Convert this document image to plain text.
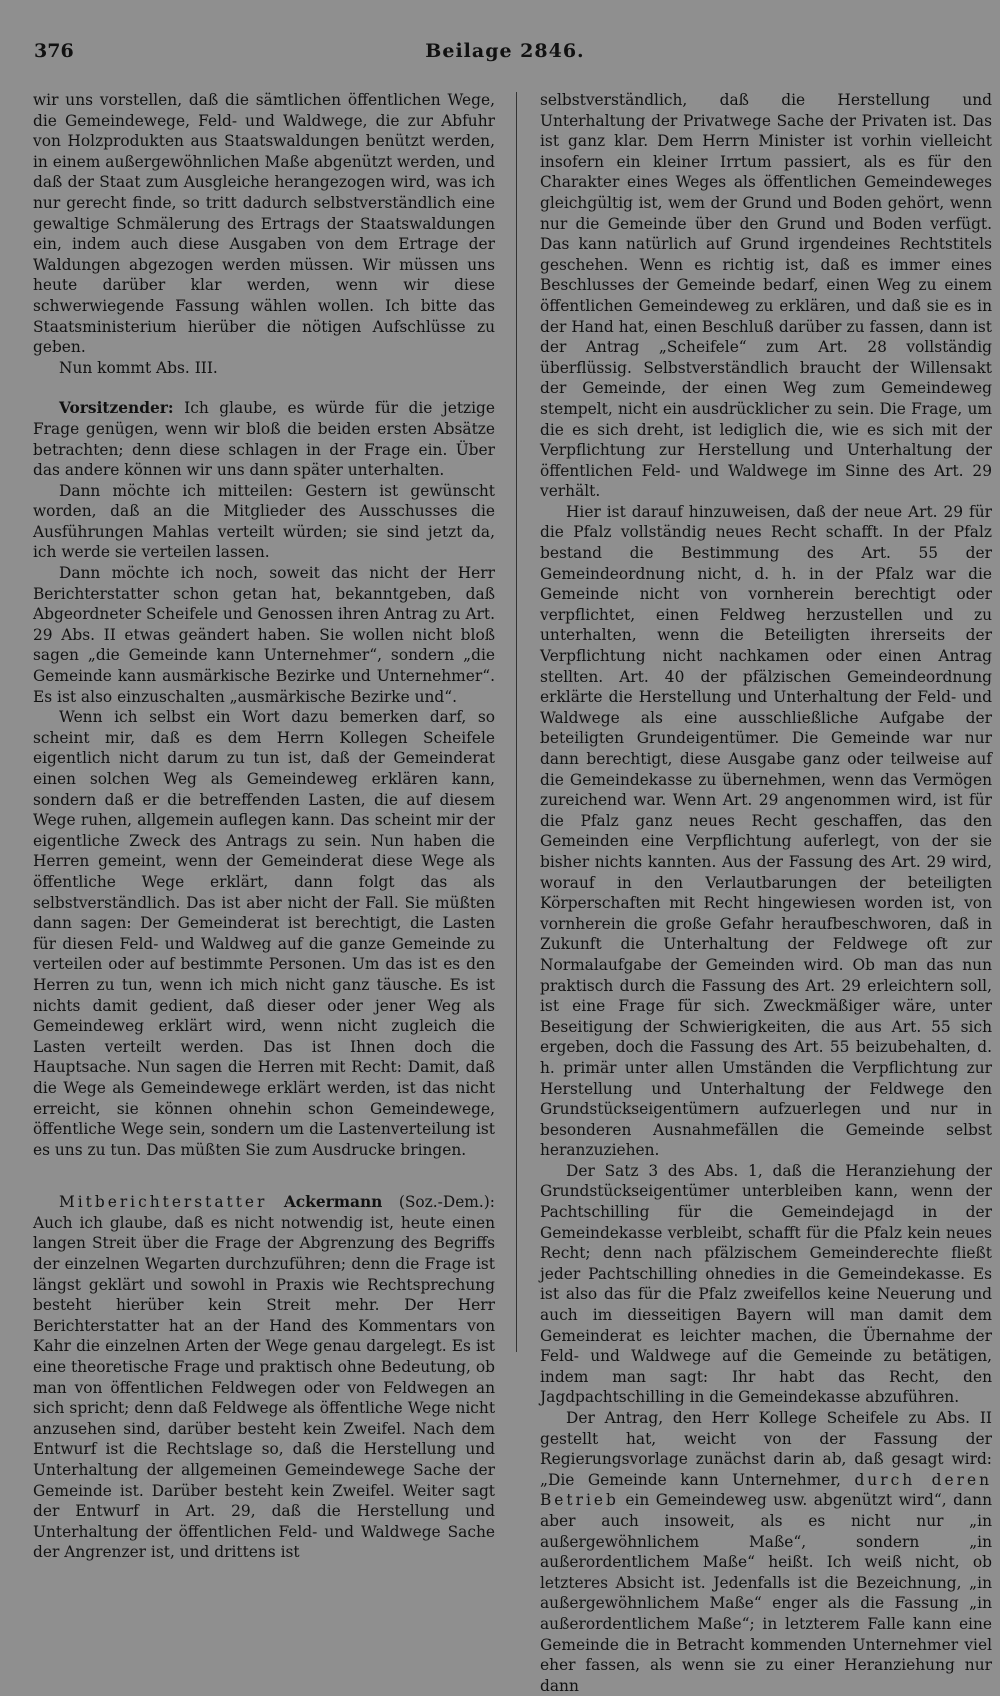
376	Beilage 2846.

wir uns vorstellen, daß die sämtlichen öffentlichen Wege, die Gemeindewege, Feld- und Waldwege, die zur Abfuhr von Holzprodukten aus Staatswaldungen benützt werden, in einem außergewöhnlichen Maße abgenützt werden, und daß der Staat zum Ausgleiche herangezogen wird, was ich nur gerecht finde, so tritt dadurch selbstverständlich eine gewaltige Schmälerung des Ertrags der Staatswaldungen ein, indem auch diese Ausgaben von dem Ertrage der Waldungen abgezogen werden müssen. Wir müssen uns heute darüber klar werden, wenn wir diese schwerwiegende Fassung wählen wollen. Ich bitte das Staatsministerium hierüber die nötigen Aufschlüsse zu geben.

Nun kommt Abs. III.

Vorsitzender: Ich glaube, es würde für die jetzige Frage genügen, wenn wir bloß die beiden ersten Absätze betrachten; denn diese schlagen in der Frage ein. Über das andere können wir uns dann später unterhalten.

Dann möchte ich mitteilen: Gestern ist gewünscht worden, daß an die Mitglieder des Ausschusses die Ausführungen Mahlas verteilt würden; sie sind jetzt da, ich werde sie verteilen lassen.

Dann möchte ich noch, soweit das nicht der Herr Berichterstatter schon getan hat, bekanntgeben, daß Abgeordneter Scheifele und Genossen ihren Antrag zu Art. 29 Abs. II etwas geändert haben. Sie wollen nicht bloß sagen „die Gemeinde kann Unternehmer“, sondern „die Gemeinde kann ausmärkische Bezirke und Unternehmer“. Es ist also einzuschalten „ausmärkische Bezirke und“.

Wenn ich selbst ein Wort dazu bemerken darf, so scheint mir, daß es dem Herrn Kollegen Scheifele eigentlich nicht darum zu tun ist, daß der Gemeinderat einen solchen Weg als Gemeindeweg erklären kann, sondern daß er die betreffenden Lasten, die auf diesem Wege ruhen, allgemein auflegen kann. Das scheint mir der eigentliche Zweck des Antrags zu sein. Nun haben die Herren gemeint, wenn der Gemeinderat diese Wege als öffentliche Wege erklärt, dann folgt das als selbstverständlich. Das ist aber nicht der Fall. Sie müßten dann sagen: Der Gemeinderat ist berechtigt, die Lasten für diesen Feld- und Waldweg auf die ganze Gemeinde zu verteilen oder auf bestimmte Personen. Um das ist es den Herren zu tun, wenn ich mich nicht ganz täusche. Es ist nichts damit gedient, daß dieser oder jener Weg als Gemeindeweg erklärt wird, wenn nicht zugleich die Lasten verteilt werden. Das ist Ihnen doch die Hauptsache. Nun sagen die Herren mit Recht: Damit, daß die Wege als Gemeindewege erklärt werden, ist das nicht erreicht, sie können ohnehin schon Gemeindewege, öffentliche Wege sein, sondern um die Lastenverteilung ist es uns zu tun. Das müßten Sie zum Ausdrucke bringen.

Mitberichterstatter Ackermann (Soz.-Dem.): Auch ich glaube, daß es nicht notwendig ist, heute einen langen Streit über die Frage der Abgrenzung des Begriffs der einzelnen Wegarten durchzuführen; denn die Frage ist längst geklärt und sowohl in Praxis wie Rechtsprechung besteht hierüber kein Streit mehr. Der Herr Berichterstatter hat an der Hand des Kommentars von Kahr die einzelnen Arten der Wege genau dargelegt. Es ist eine theoretische Frage und praktisch ohne Bedeutung, ob man von öffentlichen Feldwegen oder von Feldwegen an sich spricht; denn daß Feldwege als öffentliche Wege nicht anzusehen sind, darüber besteht kein Zweifel. Nach dem Entwurf ist die Rechtslage so, daß die Herstellung und Unterhaltung der allgemeinen Gemeindewege Sache der Gemeinde ist. Darüber besteht kein Zweifel. Weiter sagt der Entwurf in Art. 29, daß die Herstellung und Unterhaltung der öffentlichen Feld- und Waldwege Sache der Angrenzer ist, und drittens ist

selbstverständlich, daß die Herstellung und Unterhaltung der Privatwege Sache der Privaten ist. Das ist ganz klar. Dem Herrn Minister ist vorhin vielleicht insofern ein kleiner Irrtum passiert, als es für den Charakter eines Weges als öffentlichen Gemeindeweges gleichgültig ist, wem der Grund und Boden gehört, wenn nur die Gemeinde über den Grund und Boden verfügt. Das kann natürlich auf Grund irgendeines Rechtstitels geschehen. Wenn es richtig ist, daß es immer eines Beschlusses der Gemeinde bedarf, einen Weg zu einem öffentlichen Gemeindeweg zu erklären, und daß sie es in der Hand hat, einen Beschluß darüber zu fassen, dann ist der Antrag „Scheifele“ zum Art. 28 vollständig überflüssig. Selbstverständlich braucht der Willensakt der Gemeinde, der einen Weg zum Gemeindeweg stempelt, nicht ein ausdrücklicher zu sein. Die Frage, um die es sich dreht, ist lediglich die, wie es sich mit der Verpflichtung zur Herstellung und Unterhaltung der öffentlichen Feld- und Waldwege im Sinne des Art. 29 verhält.

Hier ist darauf hinzuweisen, daß der neue Art. 29 für die Pfalz vollständig neues Recht schafft. In der Pfalz bestand die Bestimmung des Art. 55 der Gemeindeordnung nicht, d. h. in der Pfalz war die Gemeinde nicht von vornherein berechtigt oder verpflichtet, einen Feldweg herzustellen und zu unterhalten, wenn die Beteiligten ihrerseits der Verpflichtung nicht nachkamen oder einen Antrag stellten. Art. 40 der pfälzischen Gemeindeordnung erklärte die Herstellung und Unterhaltung der Feld- und Waldwege als eine ausschließliche Aufgabe der beteiligten Grundeigentümer. Die Gemeinde war nur dann berechtigt, diese Ausgabe ganz oder teilweise auf die Gemeindekasse zu übernehmen, wenn das Vermögen zureichend war. Wenn Art. 29 angenommen wird, ist für die Pfalz ganz neues Recht geschaffen, das den Gemeinden eine Verpflichtung auferlegt, von der sie bisher nichts kannten. Aus der Fassung des Art. 29 wird, worauf in den Verlautbarungen der beteiligten Körperschaften mit Recht hingewiesen worden ist, von vornherein die große Gefahr heraufbeschworen, daß in Zukunft die Unterhaltung der Feldwege oft zur Normalaufgabe der Gemeinden wird. Ob man das nun praktisch durch die Fassung des Art. 29 erleichtern soll, ist eine Frage für sich. Zweckmäßiger wäre, unter Beseitigung der Schwierigkeiten, die aus Art. 55 sich ergeben, doch die Fassung des Art. 55 beizubehalten, d. h. primär unter allen Umständen die Verpflichtung zur Herstellung und Unterhaltung der Feldwege den Grundstückseigentümern aufzuerlegen und nur in besonderen Ausnahmefällen die Gemeinde selbst heranzuziehen.

Der Satz 3 des Abs. 1, daß die Heranziehung der Grundstückseigentümer unterbleiben kann, wenn der Pachtschilling für die Gemeindejagd in der Gemeindekasse verbleibt, schafft für die Pfalz kein neues Recht; denn nach pfälzischem Gemeinderechte fließt jeder Pachtschilling ohnedies in die Gemeindekasse. Es ist also das für die Pfalz zweifellos keine Neuerung und auch im diesseitigen Bayern will man damit dem Gemeinderat es leichter machen, die Übernahme der Feld- und Waldwege auf die Gemeinde zu betätigen, indem man sagt: Ihr habt das Recht, den Jagdpachtschilling in die Gemeindekasse abzuführen.

Der Antrag, den Herr Kollege Scheifele zu Abs. II gestellt hat, weicht von der Fassung der Regierungsvorlage zunächst darin ab, daß gesagt wird: „Die Gemeinde kann Unternehmer, durch deren Betrieb ein Gemeindeweg usw. abgenützt wird“, dann aber auch insoweit, als es nicht nur „in außergewöhnlichem Maße“, sondern „in außerordentlichem Maße“ heißt. Ich weiß nicht, ob letzteres Absicht ist. Jedenfalls ist die Bezeichnung, „in außergewöhnlichem Maße“ enger als die Fassung „in außerordentlichem Maße“; in letzterem Falle kann eine Gemeinde die in Betracht kommenden Unternehmer viel eher fassen, als wenn sie zu einer Heranziehung nur dann
